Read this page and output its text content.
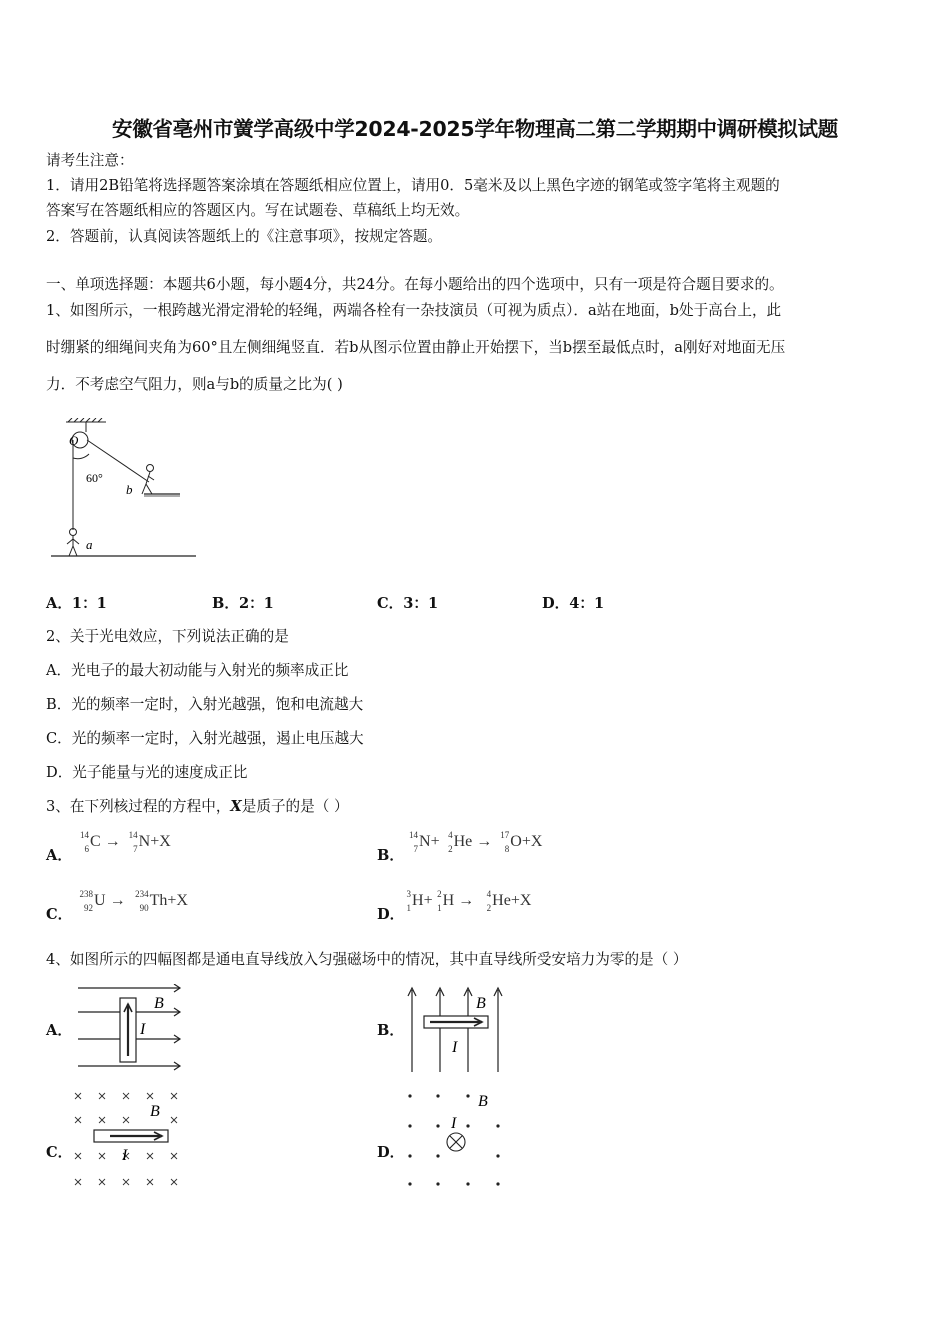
安徽省亳州市黉学高级中学2024-2025学年物理高二第二学期期中调研模拟试题
请考生注意：
1．请用2B铅笔将选择题答案涂填在答题纸相应位置上，请用0．5毫米及以上黑色字迹的钢笔或签字笔将主观题的
答案写在答题纸相应的答题区内。写在试题卷、草稿纸上均无效。
2．答题前，认真阅读答题纸上的《注意事项》，按规定答题。
一、单项选择题：本题共6小题，每小题4分，共24分。在每小题给出的四个选项中，只有一项是符合题目要求的。
1、如图所示，一根跨越光滑定滑轮的轻绳，两端各栓有一杂技演员（可视为质点）．a站在地面，b处于高台上，此
时绷紧的细绳间夹角为60°且左侧细绳竖直．若b从图示位置由静止开始摆下，当b摆至最低点时，a刚好对地面无压
力．不考虑空气阻力，则a与b的质量之比为( )
O
60°
b
a
A．1：1	B．2：1	C．3：1	D．4：1
2、关于光电效应，下列说法正确的是
A．光电子的最大初动能与入射光的频率成正比
B．光的频率一定时，入射光越强，饱和电流越大
C．光的频率一定时，入射光越强，遏止电压越大
D．光子能量与光的速度成正比
3、在下列核过程的方程中，X是质子的是（ ）
A．
14
6 C → 14
7 N+X
B．
14
7 N+ 4
2 He → 17
8 O+X
C．
238
92 U → 234
90 Th+X
D．
3
1 H+ 2
1 H → 4
2 He+X
4、如图所示的四幅图都是通电直导线放入匀强磁场中的情况，其中直导线所受安培力为零的是（ ）
A．
B
I	B．
B
I
C．
B
I	D．
B
I
